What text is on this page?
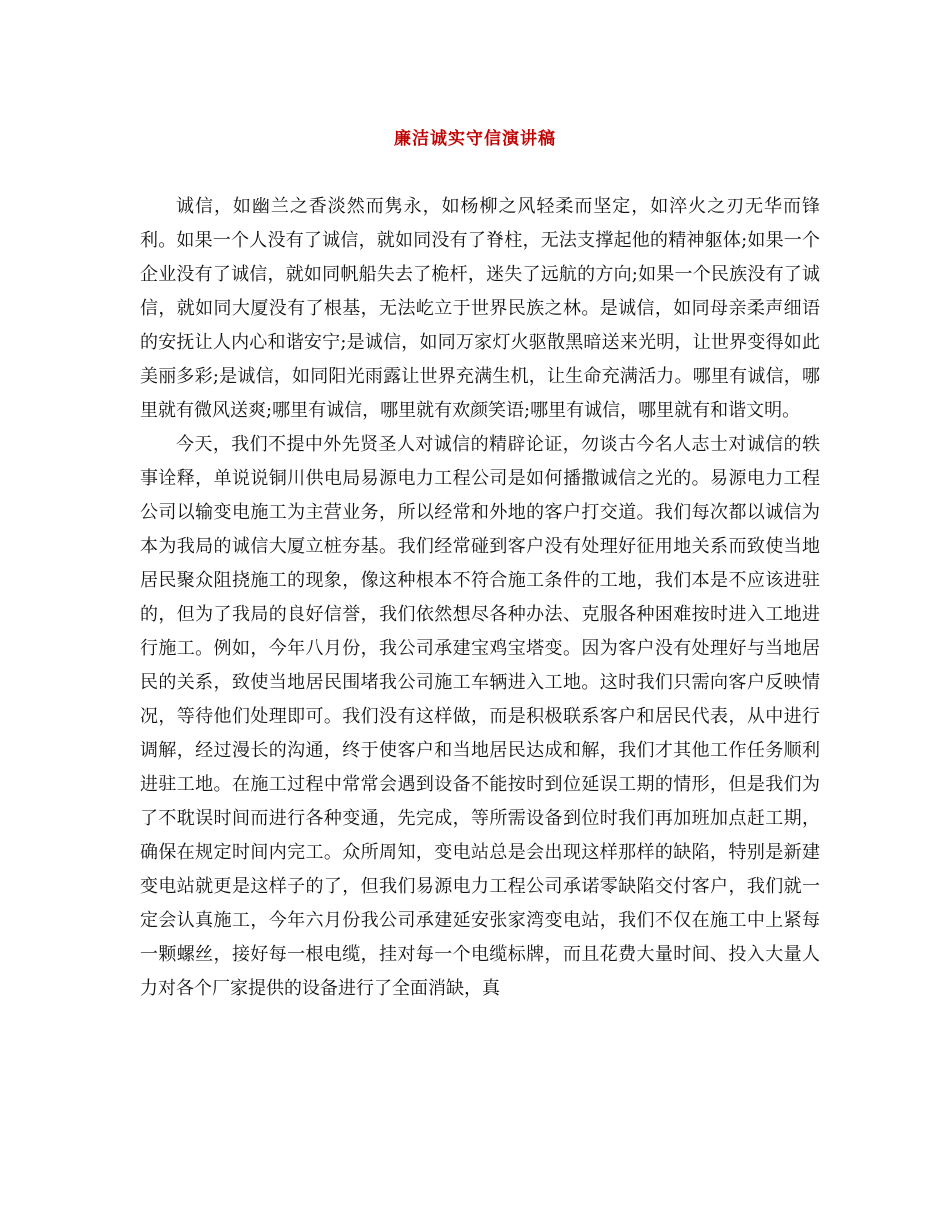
廉洁诚实守信演讲稿

诚信，如幽兰之香淡然而隽永，如杨柳之风轻柔而坚定，如淬火之刃无华而锋利。如果一个人没有了诚信，就如同没有了脊柱，无法支撑起他的精神躯体;如果一个企业没有了诚信，就如同帆船失去了桅杆，迷失了远航的方向;如果一个民族没有了诚信，就如同大厦没有了根基，无法屹立于世界民族之林。是诚信，如同母亲柔声细语的安抚让人内心和谐安宁;是诚信，如同万家灯火驱散黑暗送来光明，让世界变得如此美丽多彩;是诚信，如同阳光雨露让世界充满生机，让生命充满活力。哪里有诚信，哪里就有微风送爽;哪里有诚信，哪里就有欢颜笑语;哪里有诚信，哪里就有和谐文明。

今天，我们不提中外先贤圣人对诚信的精辟论证，勿谈古今名人志士对诚信的轶事诠释，单说说铜川供电局易源电力工程公司是如何播撒诚信之光的。易源电力工程公司以输变电施工为主营业务，所以经常和外地的客户打交道。我们每次都以诚信为本为我局的诚信大厦立桩夯基。我们经常碰到客户没有处理好征用地关系而致使当地居民聚众阻挠施工的现象，像这种根本不符合施工条件的工地，我们本是不应该进驻的，但为了我局的良好信誉，我们依然想尽各种办法、克服各种困难按时进入工地进行施工。例如，今年八月份，我公司承建宝鸡宝塔变。因为客户没有处理好与当地居民的关系，致使当地居民围堵我公司施工车辆进入工地。这时我们只需向客户反映情况，等待他们处理即可。我们没有这样做，而是积极联系客户和居民代表，从中进行调解，经过漫长的沟通，终于使客户和当地居民达成和解，我们才其他工作任务顺利进驻工地。在施工过程中常常会遇到设备不能按时到位延误工期的情形，但是我们为了不耽误时间而进行各种变通，先完成，等所需设备到位时我们再加班加点赶工期，确保在规定时间内完工。众所周知，变电站总是会出现这样那样的缺陷，特别是新建变电站就更是这样子的了，但我们易源电力工程公司承诺零缺陷交付客户，我们就一定会认真施工，今年六月份我公司承建延安张家湾变电站，我们不仅在施工中上紧每一颗螺丝，接好每一根电缆，挂对每一个电缆标牌，而且花费大量时间、投入大量人力对各个厂家提供的设备进行了全面消缺，真
